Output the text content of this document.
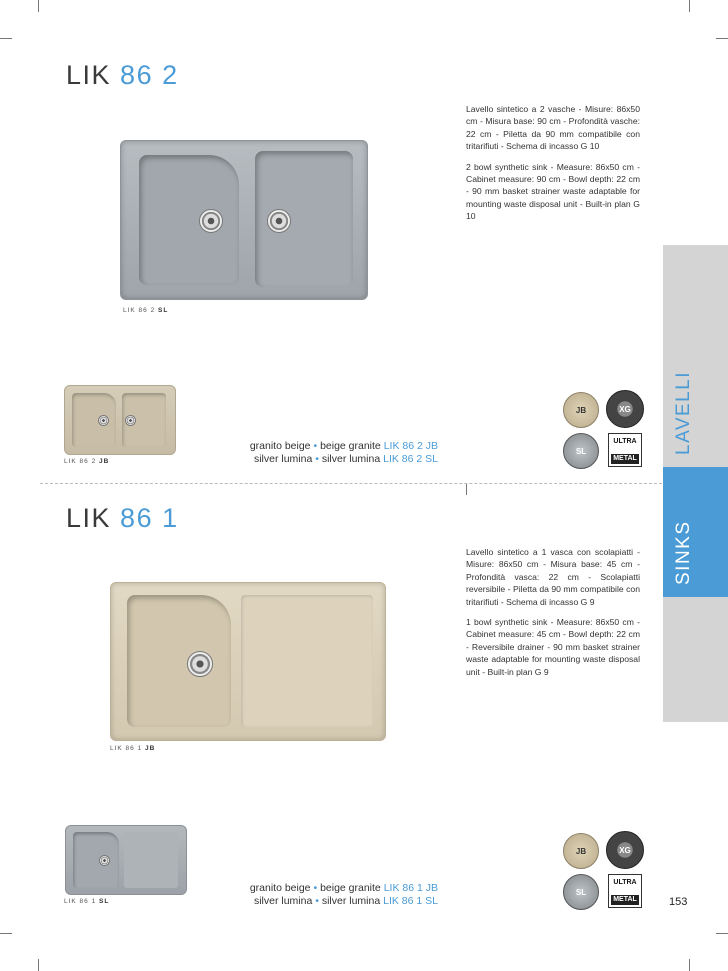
LIK 86 2

Lavello sintetico a 2 vasche - Misure: 86x50 cm - Misura base: 90 cm - Profondità vasche: 22 cm - Piletta da 90 mm compatibile con tritarifiuti - Schema di incasso G 10

2 bowl synthetic sink - Measure: 86x50 cm - Cabinet measure: 90 cm - Bowl depth: 22 cm - 90 mm basket strainer waste adaptable for mounting waste disposal unit - Built-in plan G 10

LIK 86 2 SL
LIK 86 2 JB
granito beige • beige granite LIK 86 2 JB
silver lumina • silver lumina LIK 86 2 SL
JB	XG
SL
ULTRA
METAL
LIK 86 1

Lavello sintetico a 1 vasca con scolapiatti - Misure: 86x50 cm - Misura base: 45 cm - Profondità vasca: 22 cm - Scolapiatti reversibile - Piletta da 90 mm compatibile con tritarifiuti - Schema di incasso G 9

1 bowl synthetic sink - Measure: 86x50 cm - Cabinet measure: 45 cm - Bowl depth: 22 cm - Reversibile drainer - 90 mm basket strainer waste adaptable for mounting waste disposal unit - Built-in plan G 9

LIK 86 1 JB
LIK 86 1 SL
granito beige • beige granite LIK 86 1 JB
silver lumina • silver lumina LIK 86 1 SL
JB	XG
SL
ULTRA
METAL
LAVELLI
SINKS
153
